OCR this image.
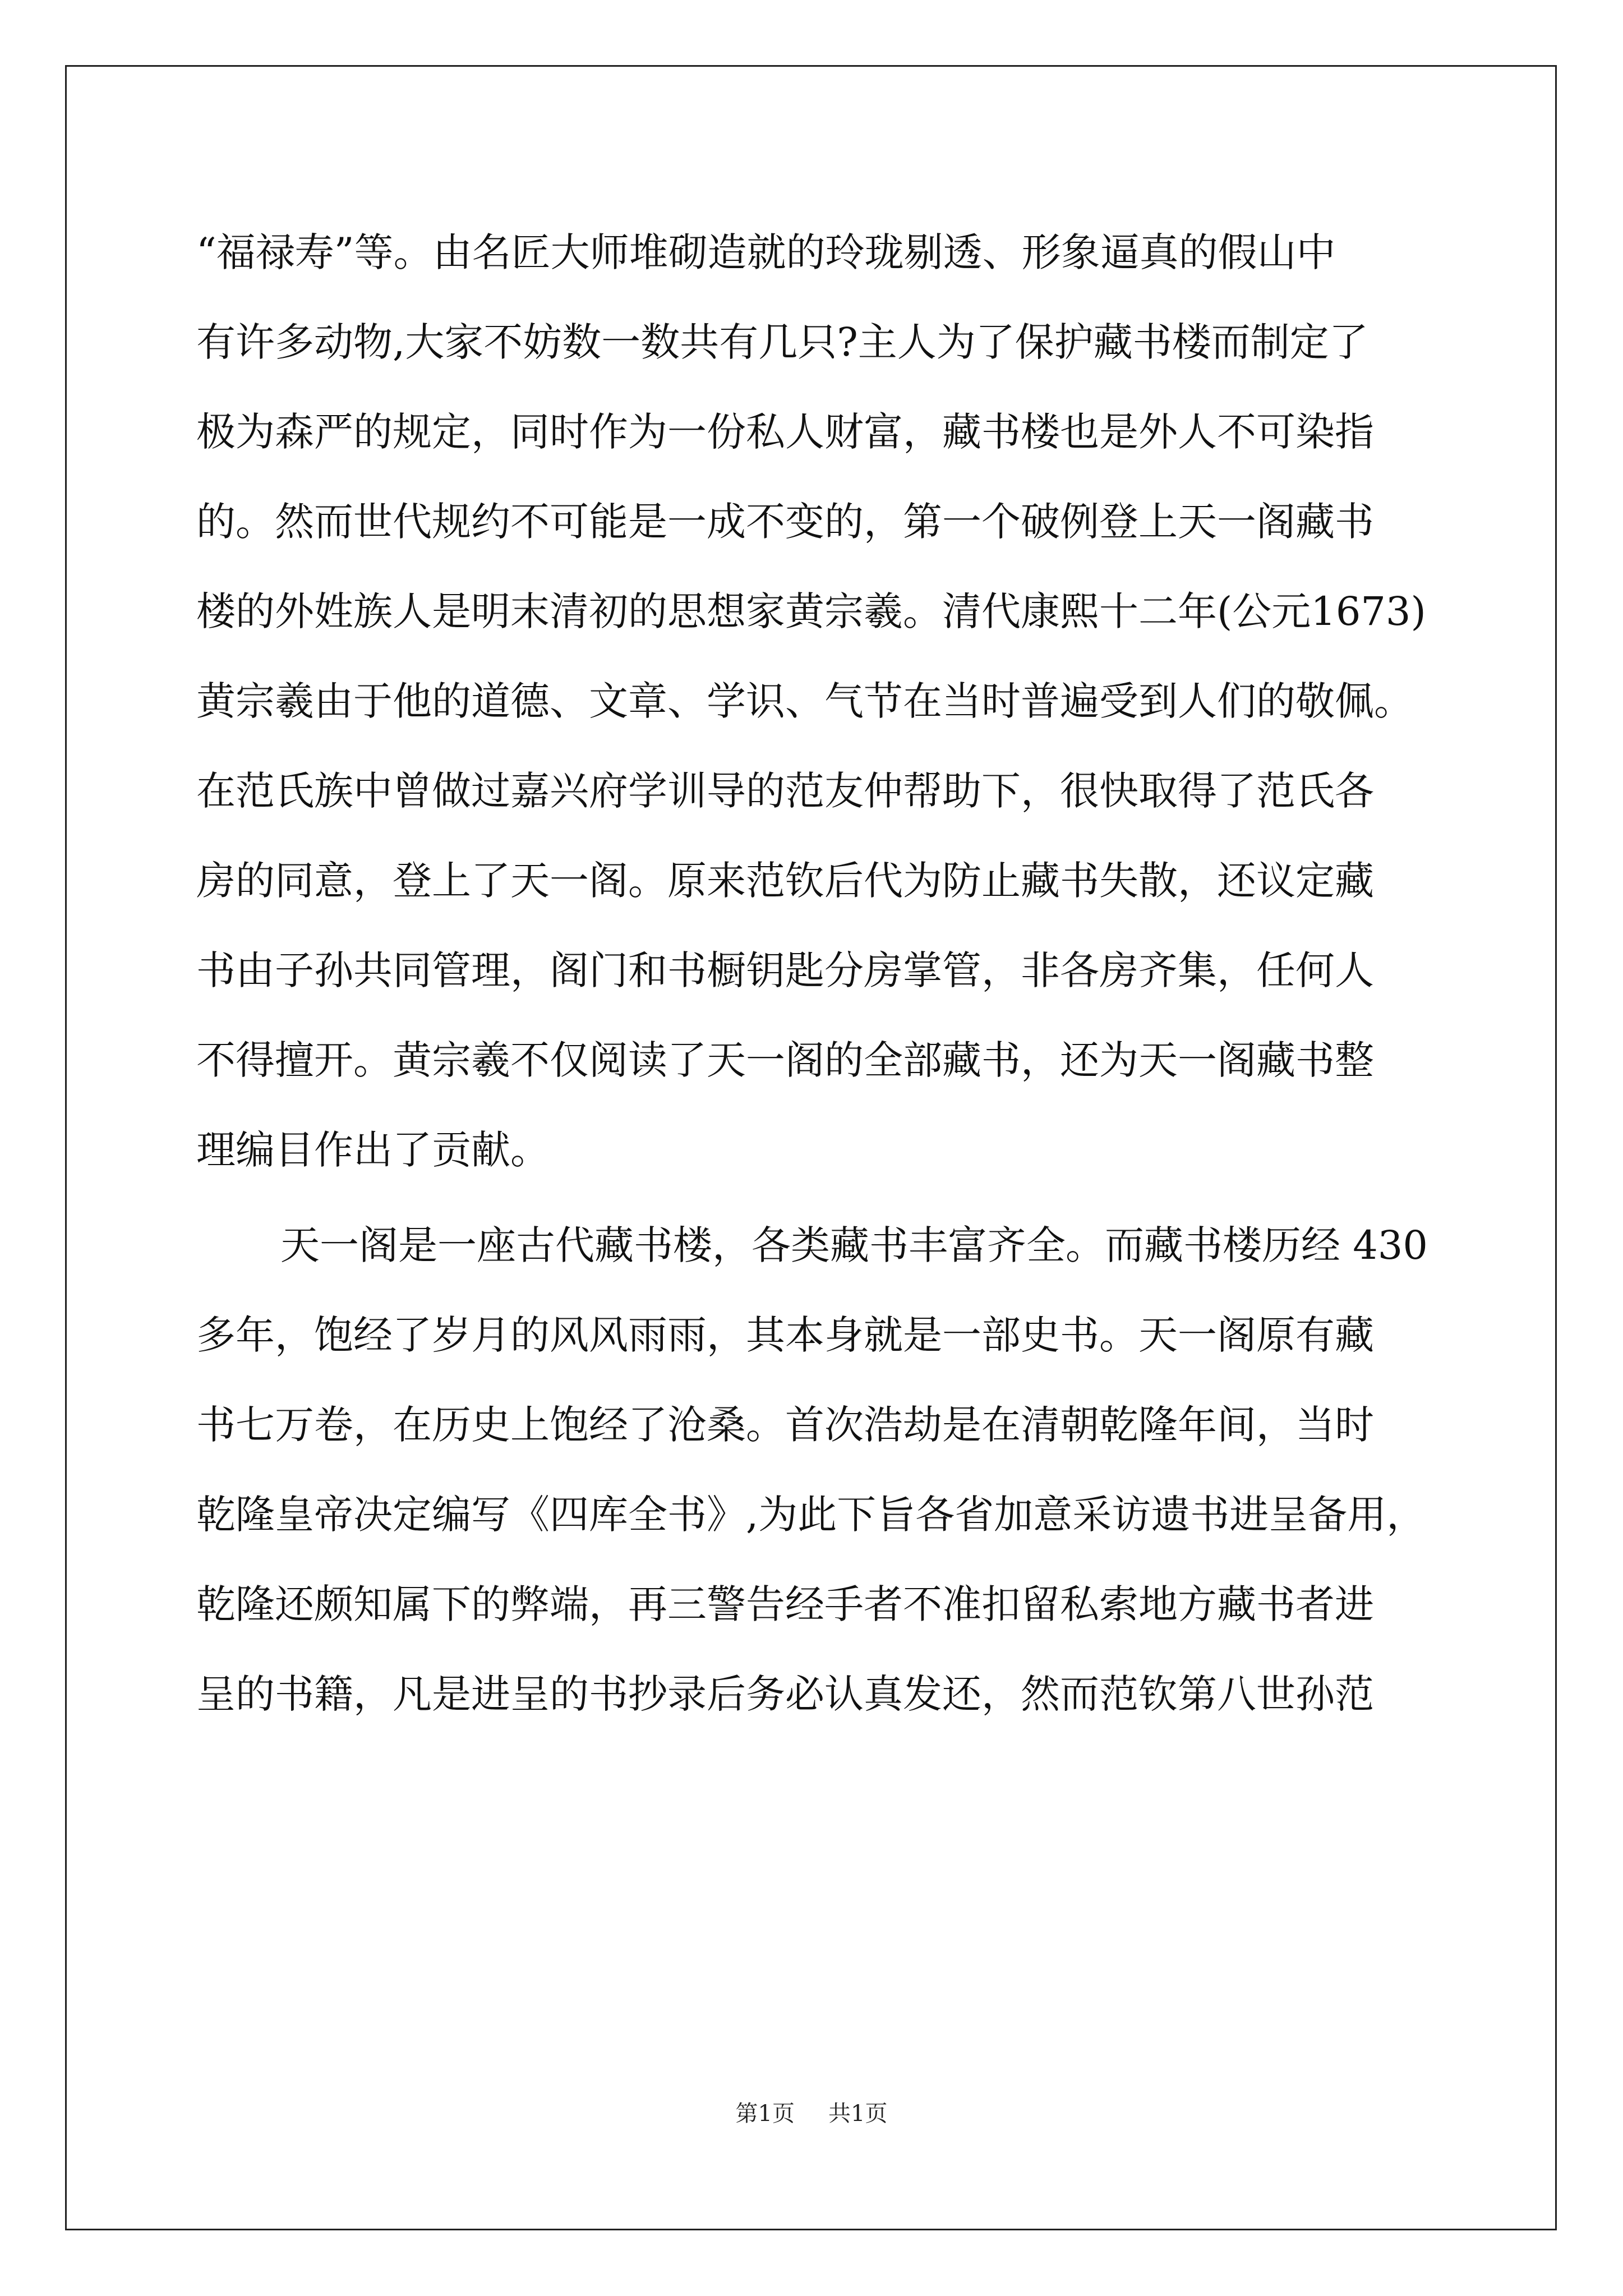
“福禄寿”等。由名匠大师堆砌造就的玲珑剔透、形象逼真的假山中
有许多动物,大家不妨数一数共有几只?主人为了保护藏书楼而制定了
极为森严的规定，同时作为一份私人财富，藏书楼也是外人不可染指
的。然而世代规约不可能是一成不变的，第一个破例登上天一阁藏书
楼的外姓族人是明末清初的思想家黄宗羲。清代康熙十二年(公元1673)
黄宗羲由于他的道德、文章、学识、气节在当时普遍受到人们的敬佩。
在范氏族中曾做过嘉兴府学训导的范友仲帮助下，很快取得了范氏各
房的同意，登上了天一阁。原来范钦后代为防止藏书失散，还议定藏
书由子孙共同管理，阁门和书橱钥匙分房掌管，非各房齐集，任何人
不得擅开。黄宗羲不仅阅读了天一阁的全部藏书，还为天一阁藏书整
理编目作出了贡献。
天一阁是一座古代藏书楼，各类藏书丰富齐全。而藏书楼历经 430
多年，饱经了岁月的风风雨雨，其本身就是一部史书。天一阁原有藏
书七万卷，在历史上饱经了沧桑。首次浩劫是在清朝乾隆年间，当时
乾隆皇帝决定编写《四库全书》,为此下旨各省加意采访遗书进呈备用，
乾隆还颇知属下的弊端，再三警告经手者不准扣留私索地方藏书者进
呈的书籍，凡是进呈的书抄录后务必认真发还，然而范钦第八世孙范
第1页 共1页
